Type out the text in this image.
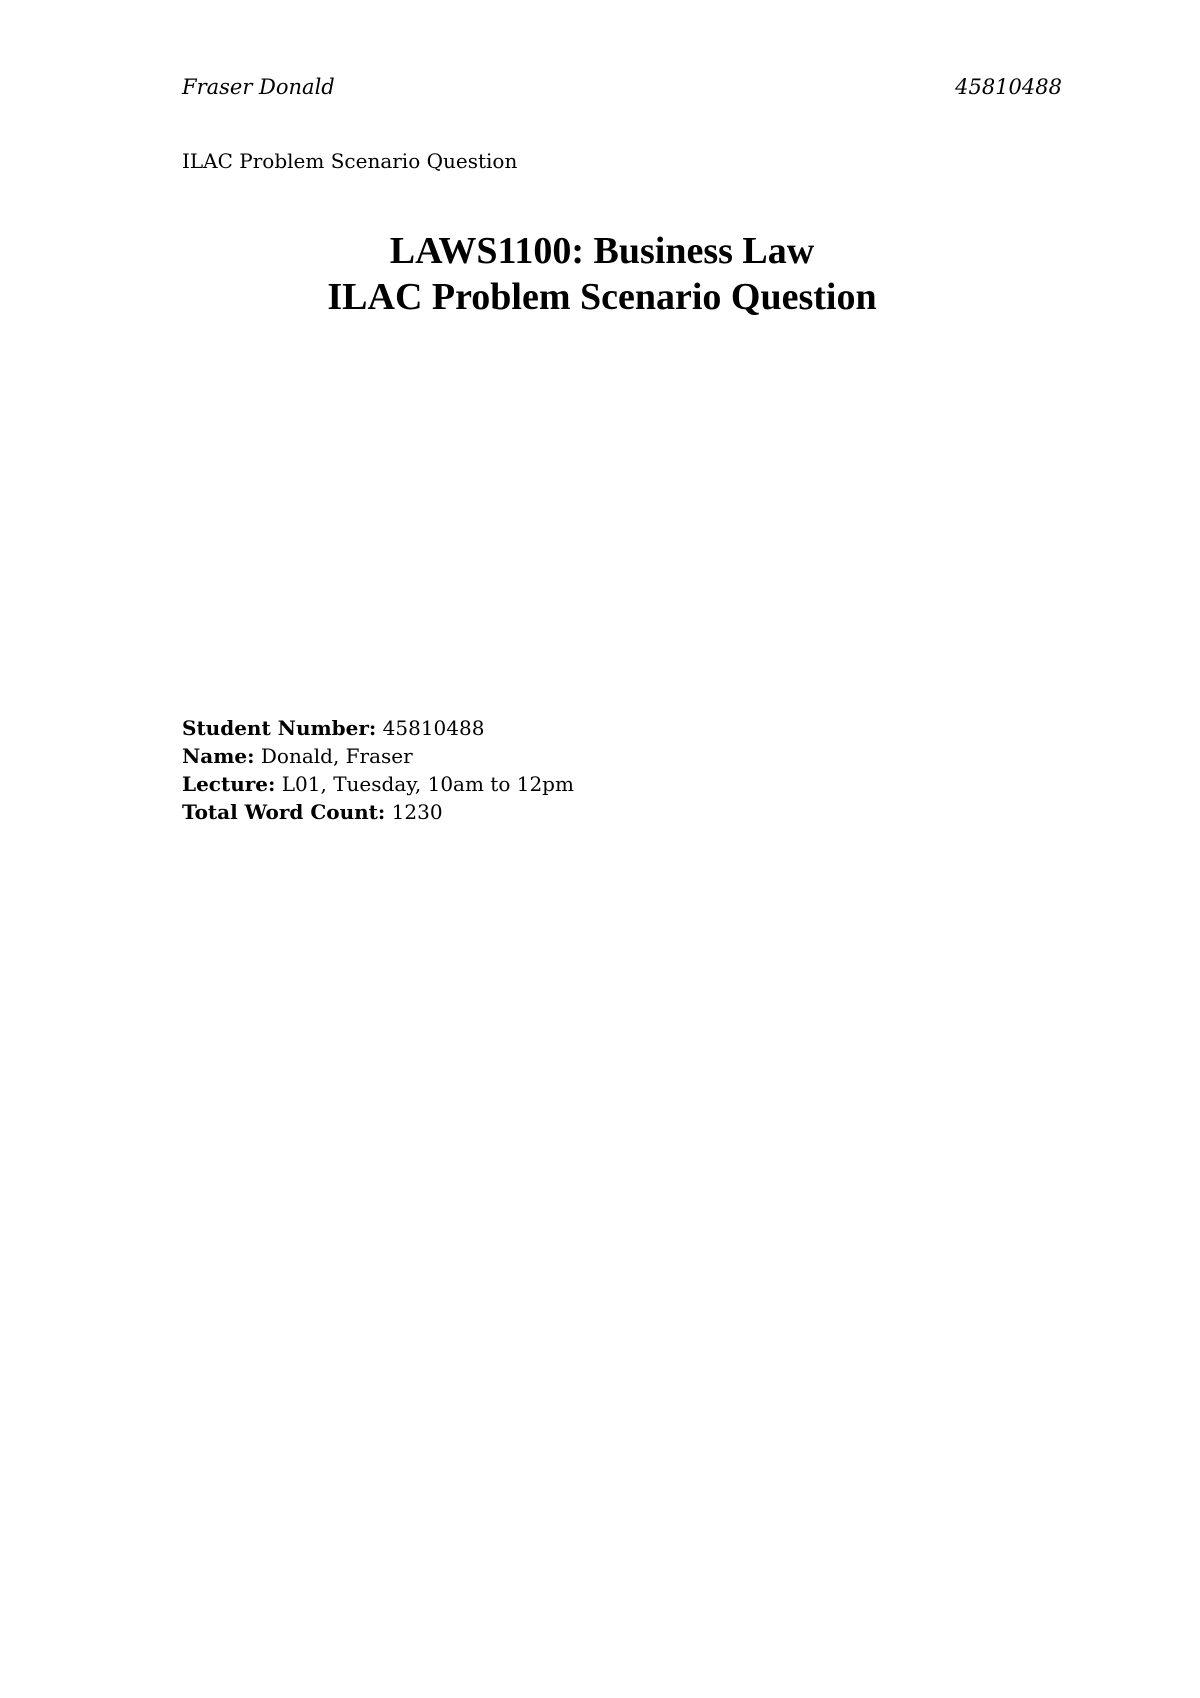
Fraser Donald	45810488
ILAC Problem Scenario Question
LAWS1100: Business Law
ILAC Problem Scenario Question
Student Number: 45810488
Name: Donald, Fraser
Lecture: L01, Tuesday, 10am to 12pm
Total Word Count: 1230
